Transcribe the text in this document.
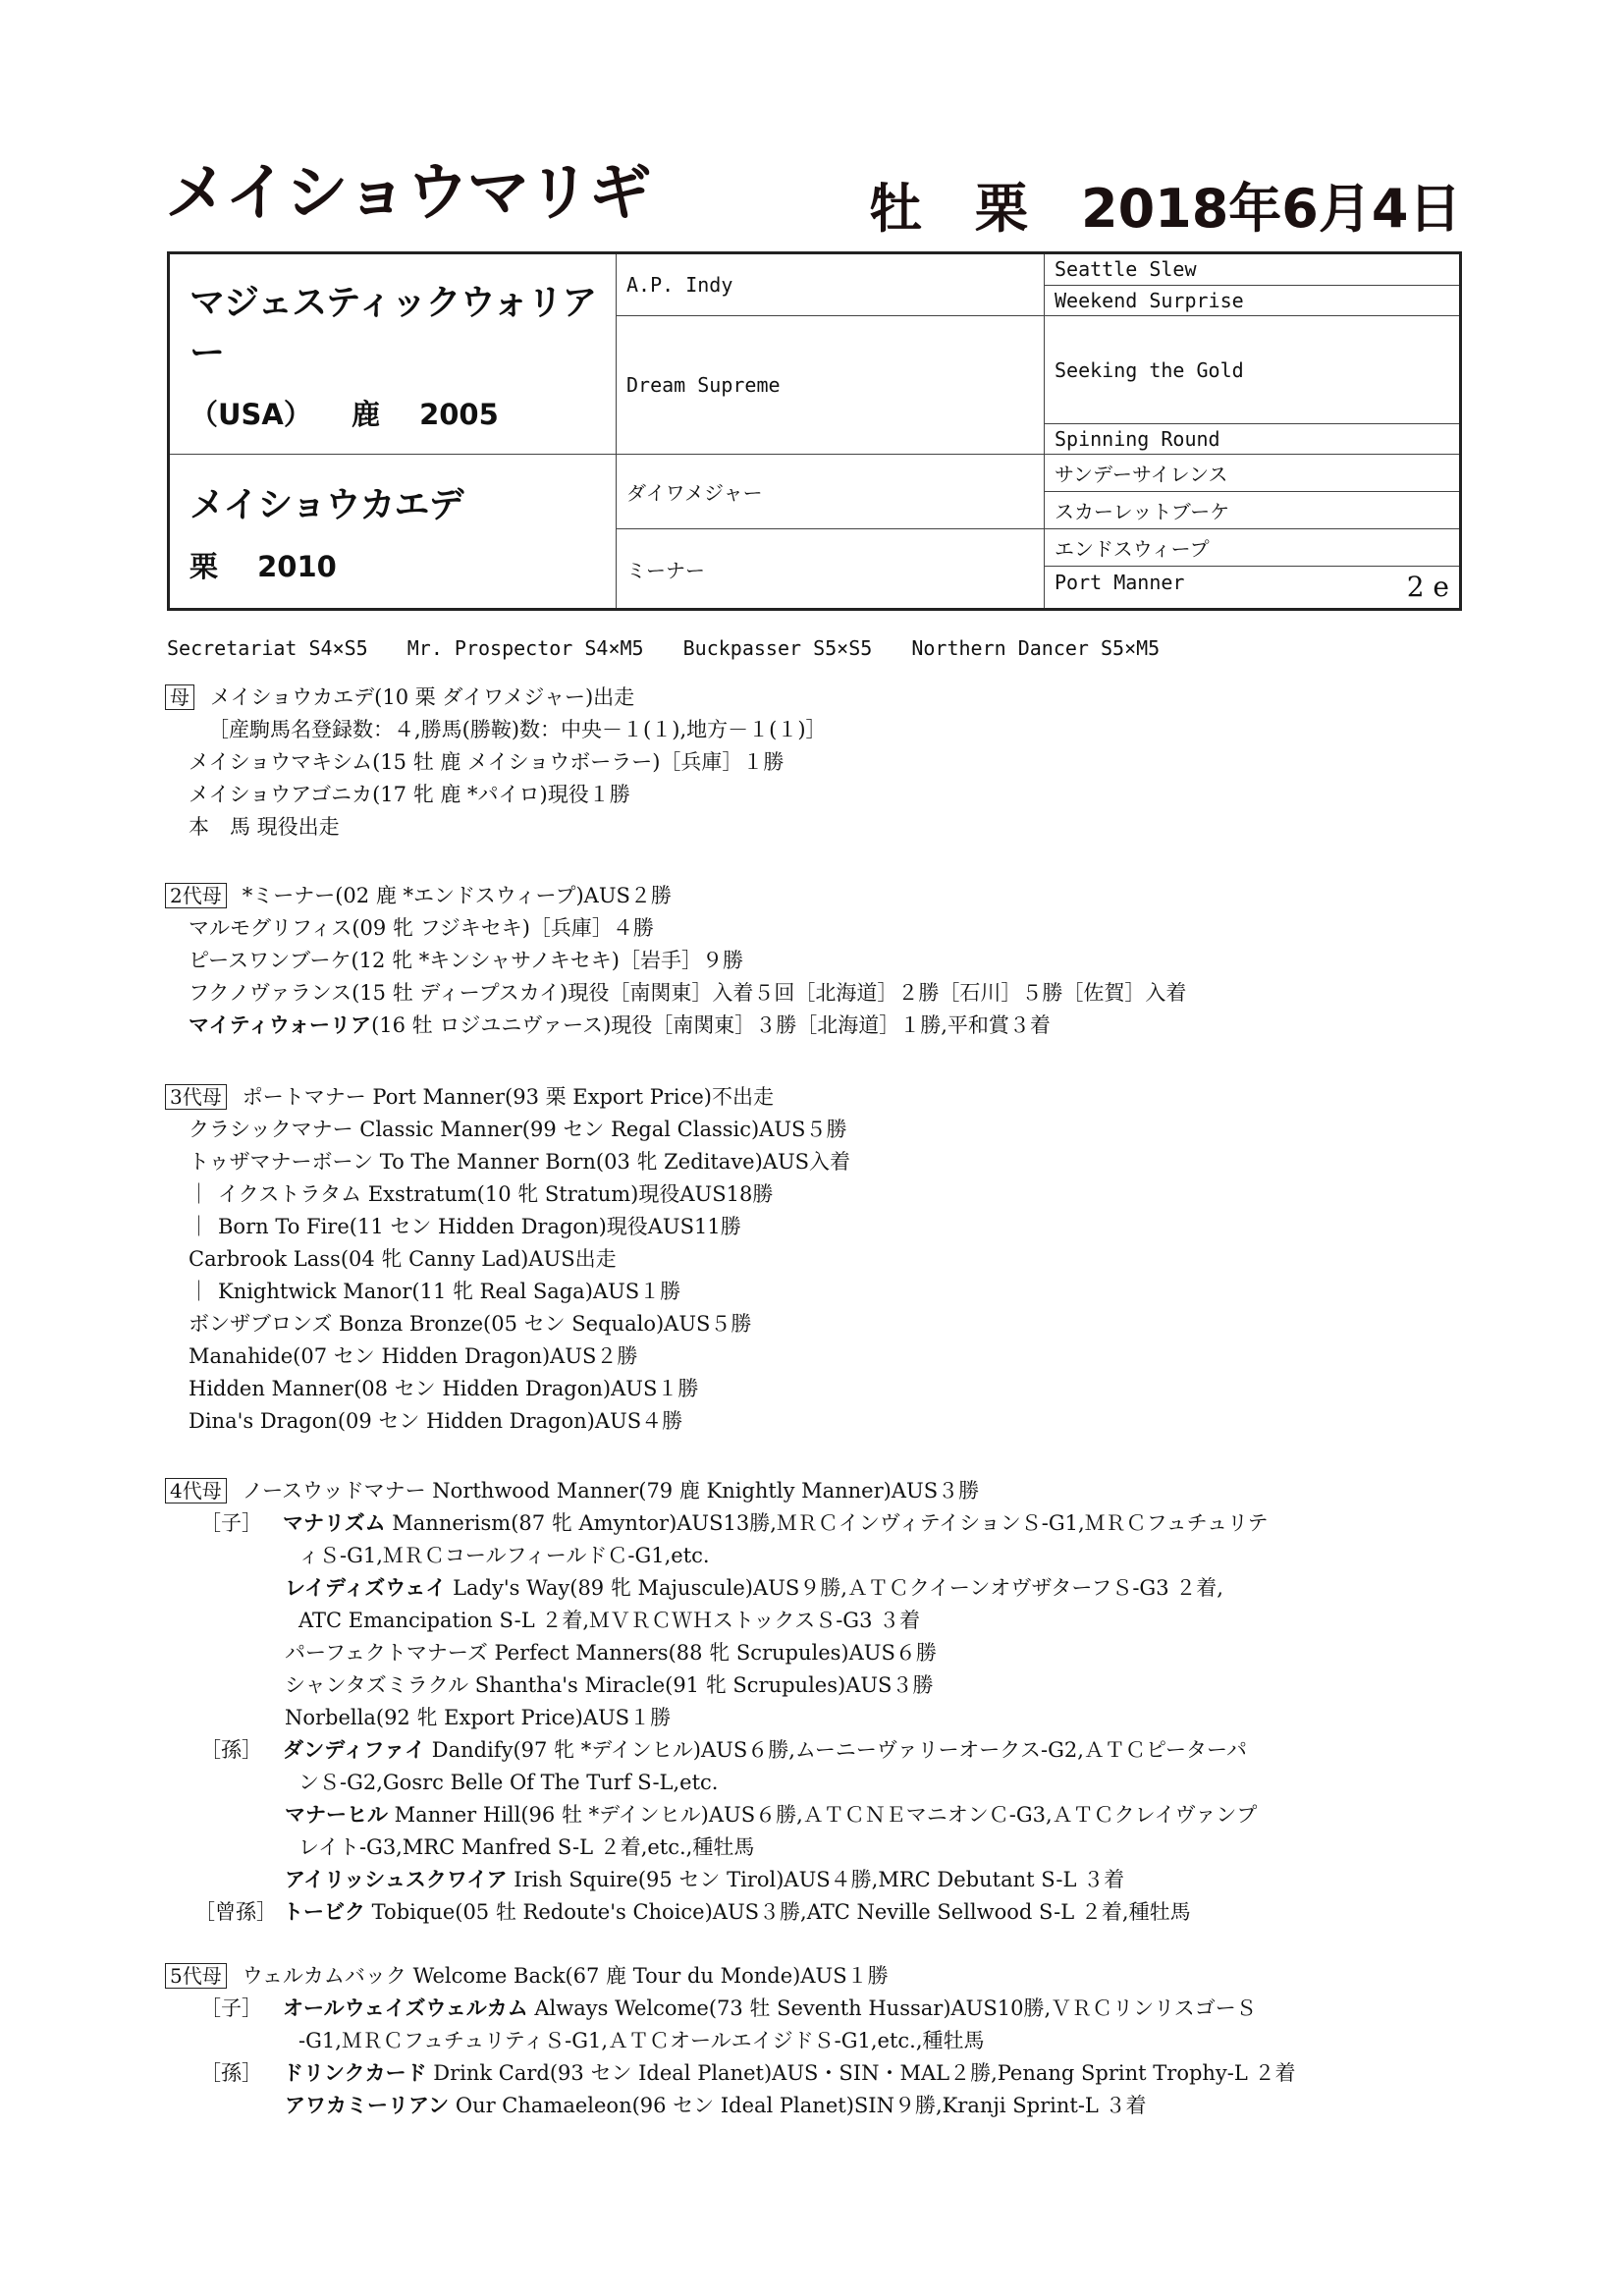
メイショウマリギ	牡　栗　2018年6月4日
マジェスティックウォリアー
（USA） 鹿 2005	A.P. Indy	Seattle Slew
		Weekend Surprise
	Dream Supreme	Seeking the Gold
		Spinning Round

メイショウカエデ
栗 2010	ダイワメジャー	サンデーサイレンス
		スカーレットブーケ
	ミーナー	エンドスウィープ
		Port Manner 2 e
Secretariat S4×S5 Mr. Prospector S4×M5 Buckpasser S5×S5 Northern Dancer S5×M5
母 メイショウカエデ(10 栗 ダイワメジャー)出走
［産駒馬名登録数：４,勝馬(勝鞍)数：中央－１(１),地方－１(１)］
メイショウマキシム(15 牡 鹿 メイショウボーラー)［兵庫］１勝
メイショウアゴニカ(17 牝 鹿 *パイロ)現役１勝
本　馬 現役出走
2代母 *ミーナー(02 鹿 *エンドスウィープ)AUS２勝
マルモグリフィス(09 牝 フジキセキ)［兵庫］４勝
ピースワンブーケ(12 牝 *キンシャサノキセキ)［岩手］９勝
フクノヴァランス(15 牡 ディープスカイ)現役［南関東］入着５回［北海道］２勝［石川］５勝［佐賀］入着
マイティウォーリア(16 牡 ロジユニヴァース)現役［南関東］３勝［北海道］１勝,平和賞３着
3代母 ポートマナー Port Manner(93 栗 Export Price)不出走
クラシックマナー Classic Manner(99 セン Regal Classic)AUS５勝
トゥザマナーボーン To The Manner Born(03 牝 Zeditave)AUS入着
｜ イクストラタム Exstratum(10 牝 Stratum)現役AUS18勝
｜ Born To Fire(11 セン Hidden Dragon)現役AUS11勝
Carbrook Lass(04 牝 Canny Lad)AUS出走
｜ Knightwick Manor(11 牝 Real Saga)AUS１勝
ボンザブロンズ Bonza Bronze(05 セン Sequalo)AUS５勝
Manahide(07 セン Hidden Dragon)AUS２勝
Hidden Manner(08 セン Hidden Dragon)AUS１勝
Dina's Dragon(09 セン Hidden Dragon)AUS４勝
4代母 ノースウッドマナー Northwood Manner(79 鹿 Knightly Manner)AUS３勝
［子］ マナリズム Mannerism(87 牝 Amyntor)AUS13勝,ＭＲＣインヴィテイションＳ-G1,ＭＲＣフュチュリテ
ィＳ-G1,ＭＲＣコールフィールドＣ-G1,etc.
レイディズウェイ Lady's Way(89 牝 Majuscule)AUS９勝,ＡＴＣクイーンオヴザターフＳ-G3 ２着,
ATC Emancipation S-L ２着,ＭＶＲＣＷＨストックスＳ-G3 ３着
パーフェクトマナーズ Perfect Manners(88 牝 Scrupules)AUS６勝
シャンタズミラクル Shantha's Miracle(91 牝 Scrupules)AUS３勝
Norbella(92 牝 Export Price)AUS１勝
［孫］ ダンディファイ Dandify(97 牝 *デインヒル)AUS６勝,ムーニーヴァリーオークス-G2,ＡＴＣピーターパ
ンＳ-G2,Gosrc Belle Of The Turf S-L,etc.
マナーヒル Manner Hill(96 牡 *デインヒル)AUS６勝,ＡＴＣＮＥマニオンＣ-G3,ＡＴＣクレイヴァンプ
レイト-G3,MRC Manfred S-L ２着,etc.,種牡馬
アイリッシュスクワイア Irish Squire(95 セン Tirol)AUS４勝,MRC Debutant S-L ３着
［曾孫］ トービク Tobique(05 牡 Redoute's Choice)AUS３勝,ATC Neville Sellwood S-L ２着,種牡馬
5代母 ウェルカムバック Welcome Back(67 鹿 Tour du Monde)AUS１勝
［子］ オールウェイズウェルカム Always Welcome(73 牡 Seventh Hussar)AUS10勝,ＶＲＣリンリスゴーＳ
-G1,ＭＲＣフュチュリティＳ-G1,ＡＴＣオールエイジドＳ-G1,etc.,種牡馬
［孫］ ドリンクカード Drink Card(93 セン Ideal Planet)AUS・SIN・MAL２勝,Penang Sprint Trophy-L ２着
アワカミーリアン Our Chamaeleon(96 セン Ideal Planet)SIN９勝,Kranji Sprint-L ３着
